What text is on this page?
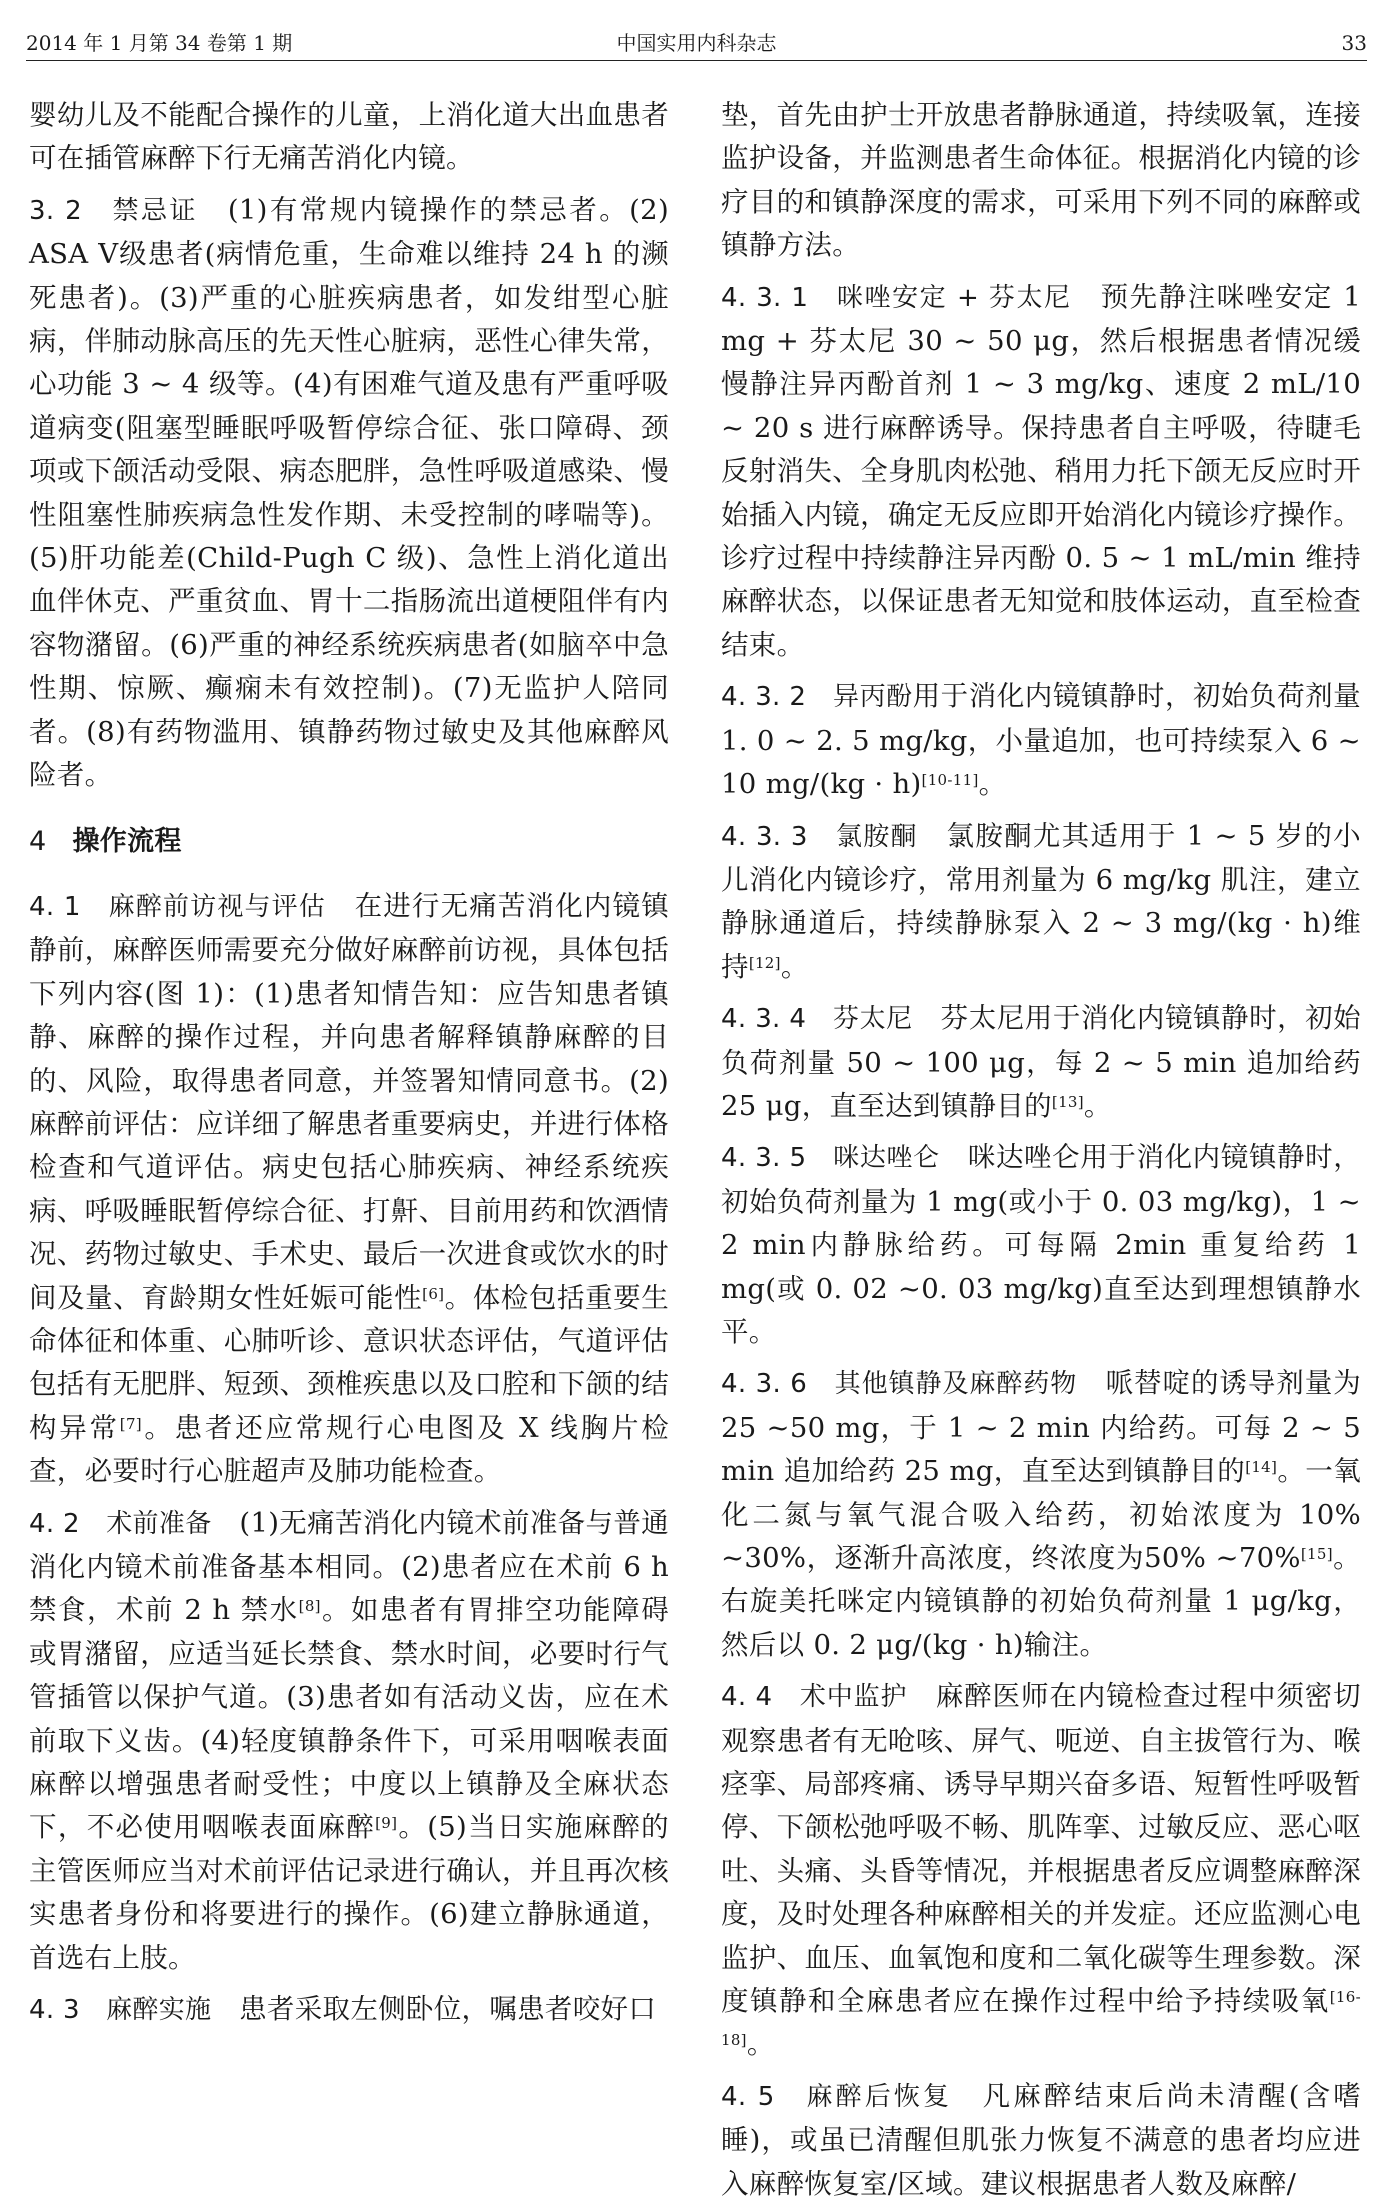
2014 年 1 月第 34 卷第 1 期	中国实用内科杂志	33

婴幼儿及不能配合操作的儿童，上消化道大出血患者可在插管麻醉下行无痛苦消化内镜。

3. 2　禁忌证　(1)有常规内镜操作的禁忌者。(2) ASA Ⅴ级患者(病情危重，生命难以维持 24 h 的濒死患者)。(3)严重的心脏疾病患者，如发绀型心脏病，伴肺动脉高压的先天性心脏病，恶性心律失常，心功能 3 ~ 4 级等。(4)有困难气道及患有严重呼吸道病变(阻塞型睡眠呼吸暂停综合征、张口障碍、颈项或下颌活动受限、病态肥胖，急性呼吸道感染、慢性阻塞性肺疾病急性发作期、未受控制的哮喘等)。(5)肝功能差(Child-Pugh C 级)、急性上消化道出血伴休克、严重贫血、胃十二指肠流出道梗阻伴有内容物潴留。(6)严重的神经系统疾病患者(如脑卒中急性期、惊厥、癫痫未有效控制)。(7)无监护人陪同者。(8)有药物滥用、镇静药物过敏史及其他麻醉风险者。

4 操作流程

4. 1　麻醉前访视与评估　在进行无痛苦消化内镜镇静前，麻醉医师需要充分做好麻醉前访视，具体包括下列内容(图 1)：(1)患者知情告知：应告知患者镇静、麻醉的操作过程，并向患者解释镇静麻醉的目的、风险，取得患者同意，并签署知情同意书。(2)麻醉前评估：应详细了解患者重要病史，并进行体格检查和气道评估。病史包括心肺疾病、神经系统疾病、呼吸睡眠暂停综合征、打鼾、目前用药和饮酒情况、药物过敏史、手术史、最后一次进食或饮水的时间及量、育龄期女性妊娠可能性[6]。体检包括重要生命体征和体重、心肺听诊、意识状态评估，气道评估包括有无肥胖、短颈、颈椎疾患以及口腔和下颌的结构异常[7]。患者还应常规行心电图及 X 线胸片检查，必要时行心脏超声及肺功能检查。

4. 2　术前准备　(1)无痛苦消化内镜术前准备与普通消化内镜术前准备基本相同。(2)患者应在术前 6 h 禁食，术前 2 h 禁水[8]。如患者有胃排空功能障碍或胃潴留，应适当延长禁食、禁水时间，必要时行气管插管以保护气道。(3)患者如有活动义齿，应在术前取下义齿。(4)轻度镇静条件下，可采用咽喉表面麻醉以增强患者耐受性；中度以上镇静及全麻状态下，不必使用咽喉表面麻醉[9]。(5)当日实施麻醉的主管医师应当对术前评估记录进行确认，并且再次核实患者身份和将要进行的操作。(6)建立静脉通道，首选右上肢。

4. 3　麻醉实施　患者采取左侧卧位，嘱患者咬好口

垫，首先由护士开放患者静脉通道，持续吸氧，连接监护设备，并监测患者生命体征。根据消化内镜的诊疗目的和镇静深度的需求，可采用下列不同的麻醉或镇静方法。

4. 3. 1　咪唑安定 + 芬太尼　预先静注咪唑安定 1 mg + 芬太尼 30 ~ 50 μg，然后根据患者情况缓慢静注异丙酚首剂 1 ~ 3 mg/kg、速度 2 mL/10 ~ 20 s 进行麻醉诱导。保持患者自主呼吸，待睫毛反射消失、全身肌肉松弛、稍用力托下颌无反应时开始插入内镜，确定无反应即开始消化内镜诊疗操作。诊疗过程中持续静注异丙酚 0. 5 ~ 1 mL/min 维持麻醉状态，以保证患者无知觉和肢体运动，直至检查结束。

4. 3. 2　异丙酚用于消化内镜镇静时，初始负荷剂量 1. 0 ~ 2. 5 mg/kg，小量追加，也可持续泵入 6 ~ 10 mg/(kg · h)[10-11]。

4. 3. 3　氯胺酮　氯胺酮尤其适用于 1 ~ 5 岁的小儿消化内镜诊疗，常用剂量为 6 mg/kg 肌注，建立静脉通道后，持续静脉泵入 2 ~ 3 mg/(kg · h)维持[12]。

4. 3. 4　芬太尼　芬太尼用于消化内镜镇静时，初始负荷剂量 50 ~ 100 μg，每 2 ~ 5 min 追加给药 25 μg，直至达到镇静目的[13]。

4. 3. 5　咪达唑仑　咪达唑仑用于消化内镜镇静时，初始负荷剂量为 1 mg(或小于 0. 03 mg/kg)，1 ~ 2 min内静脉给药。可每隔 2min 重复给药 1 mg(或 0. 02 ~0. 03 mg/kg)直至达到理想镇静水平。

4. 3. 6　其他镇静及麻醉药物　哌替啶的诱导剂量为 25 ~50 mg，于 1 ~ 2 min 内给药。可每 2 ~ 5 min 追加给药 25 mg，直至达到镇静目的[14]。一氧化二氮与氧气混合吸入给药，初始浓度为 10% ~30%，逐渐升高浓度，终浓度为50% ~70%[15]。右旋美托咪定内镜镇静的初始负荷剂量 1 μg/kg，然后以 0. 2 μg/(kg · h)输注。

4. 4　术中监护　麻醉医师在内镜检查过程中须密切观察患者有无呛咳、屏气、呃逆、自主拔管行为、喉痉挛、局部疼痛、诱导早期兴奋多语、短暂性呼吸暂停、下颌松弛呼吸不畅、肌阵挛、过敏反应、恶心呕吐、头痛、头昏等情况，并根据患者反应调整麻醉深度，及时处理各种麻醉相关的并发症。还应监测心电监护、血压、血氧饱和度和二氧化碳等生理参数。深度镇静和全麻患者应在操作过程中给予持续吸氧[16-18]。

4. 5　麻醉后恢复　凡麻醉结束后尚未清醒(含嗜睡)，或虽已清醒但肌张力恢复不满意的患者均应进入麻醉恢复室/区域。建议根据患者人数及麻醉/
